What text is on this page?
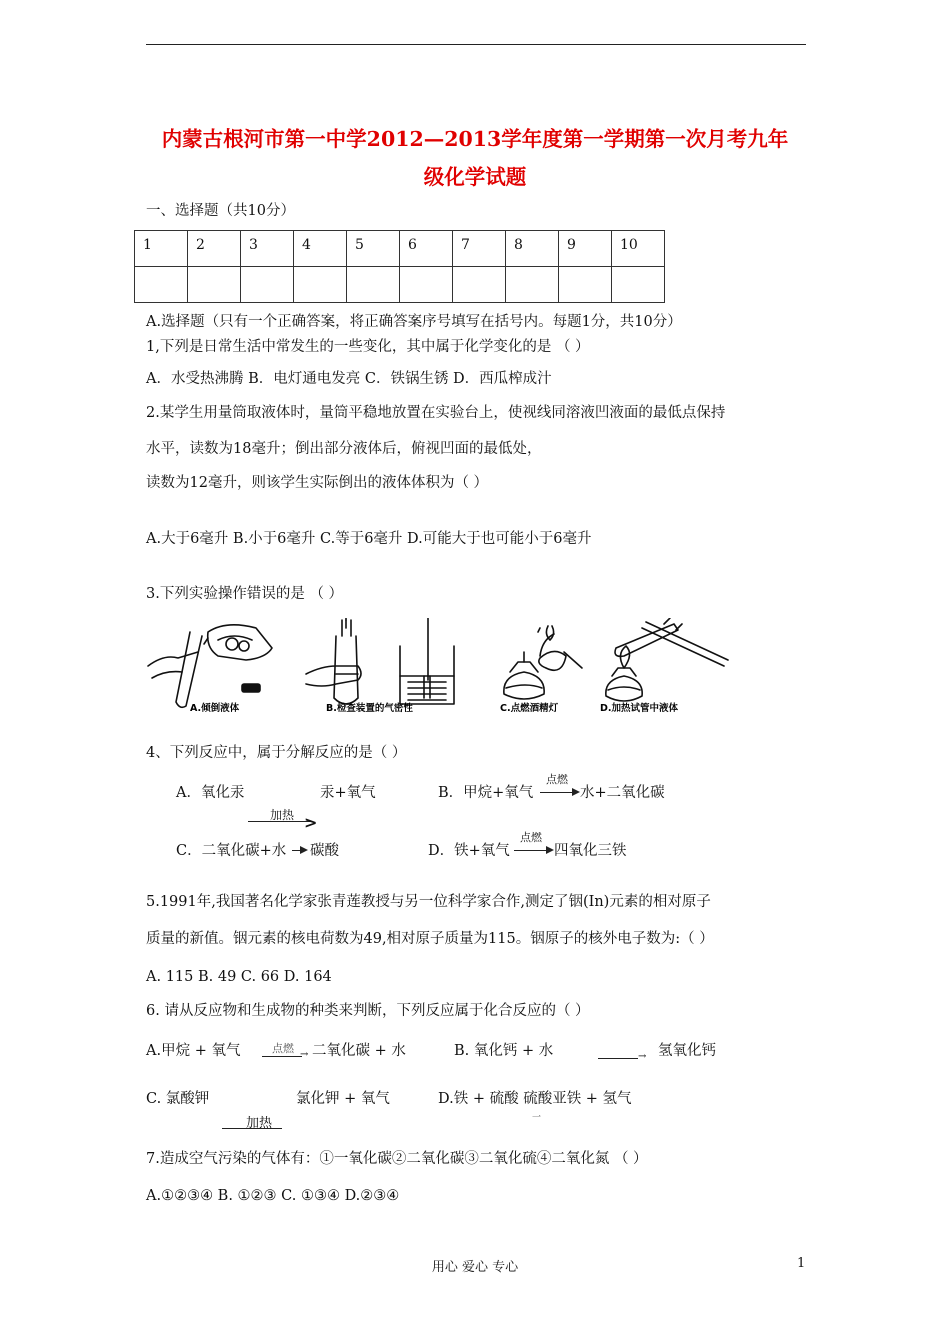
内蒙古根河市第一中学2012—2013学年度第一学期第一次月考九年
级化学试题
一、选择题（共10分）
1	2	3	4	5	6	7	8	9	10

A.选择题（只有一个正确答案，将正确答案序号填写在括号内。每题1分，共10分）
1,下列是日常生活中常发生的一些变化，其中属于化学变化的是 （ ）
A．水受热沸腾 B．电灯通电发亮 C．铁锅生锈 D．西瓜榨成汁
2.某学生用量筒取液体时，量筒平稳地放置在实验台上，使视线同溶液凹液面的最低点保持
水平，读数为18毫升；倒出部分液体后，俯视凹面的最低处，
读数为12毫升，则该学生实际倒出的液体体积为（ ）
A.大于6毫升 B.小于6毫升 C.等于6毫升 D.可能大于也可能小于6毫升
3.下列实验操作错误的是 （ ）
A.倾倒液体	B.检查装置的气密性	C.点燃酒精灯	D.加热试管中液体
4、下列反应中，属于分解反应的是（ ）
A．氧化汞	汞+氧气	B．甲烷+氧气
点燃
水+二氧化碳
加热 >
C．二氧化碳+水 碳酸	D．铁+氧气
点燃
四氧化三铁
5.1991年,我国著名化学家张青莲教授与另一位科学家合作,测定了铟(In)元素的相对原子
质量的新值。铟元素的核电荷数为49,相对原子质量为115。铟原子的核外电子数为:（ ）
A. 115 B. 49 C. 66 D. 164
6. 请从反应物和生成物的种类来判断，下列反应属于化合反应的（ ）
A.甲烷 + 氧气	点燃 → 二氧化碳 + 水	B. 氧化钙 + 水	→ 氢氧化钙
C. 氯酸钾	氯化钾 + 氧气	D.铁 + 硫酸 硫酸亚铁 + 氢气
一
加热
7.造成空气污染的气体有：①一氧化碳②二氧化碳③二氧化硫④二氧化氮 （ ）
A.①②③④ B. ①②③ C. ①③④ D.②③④
用心 爱心 专心	1
